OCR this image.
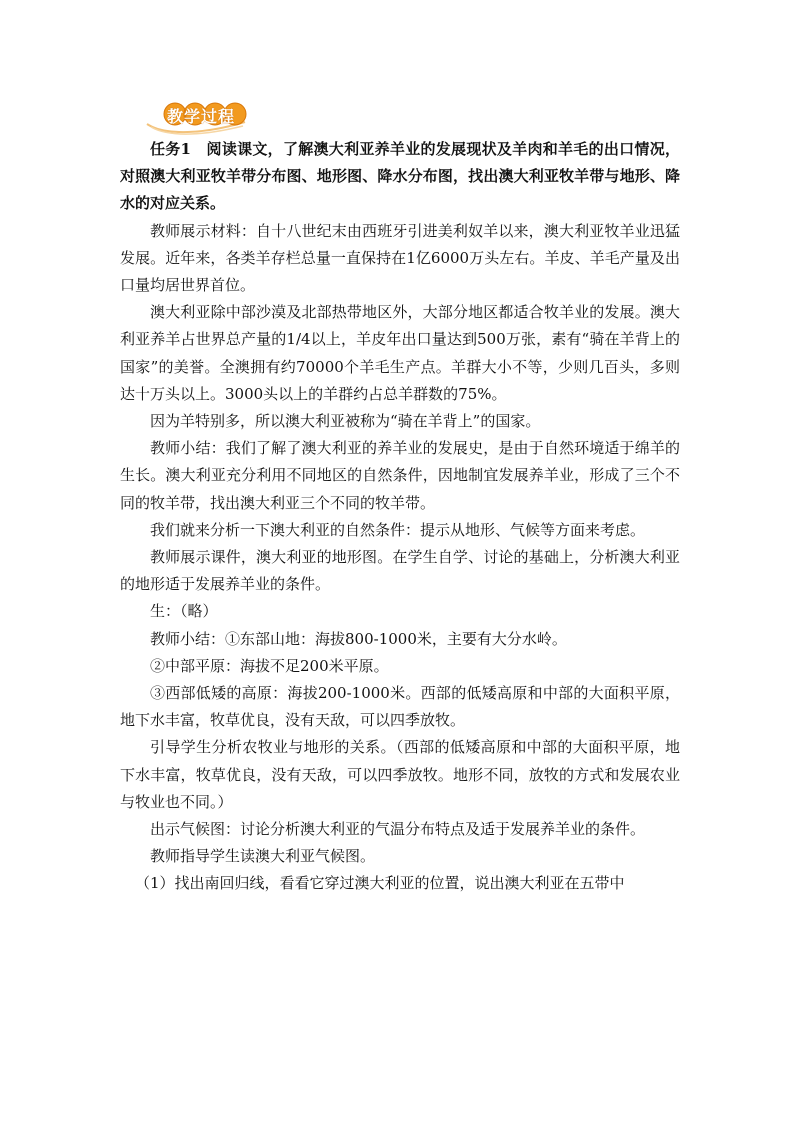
教学过程

任务1　阅读课文，了解澳大利亚养羊业的发展现状及羊肉和羊毛的出口情况，对照澳大利亚牧羊带分布图、地形图、降水分布图，找出澳大利亚牧羊带与地形、降水的对应关系。

教师展示材料：自十八世纪末由西班牙引进美利奴羊以来，澳大利亚牧羊业迅猛发展。近年来，各类羊存栏总量一直保持在1亿6000万头左右。羊皮、羊毛产量及出口量均居世界首位。

澳大利亚除中部沙漠及北部热带地区外，大部分地区都适合牧羊业的发展。澳大利亚养羊占世界总产量的1/4以上，羊皮年出口量达到500万张，素有“骑在羊背上的国家”的美誉。全澳拥有约70000个羊毛生产点。羊群大小不等，少则几百头，多则达十万头以上。3000头以上的羊群约占总羊群数的75%。

因为羊特别多，所以澳大利亚被称为“骑在羊背上”的国家。

教师小结：我们了解了澳大利亚的养羊业的发展史，是由于自然环境适于绵羊的生长。澳大利亚充分利用不同地区的自然条件，因地制宜发展养羊业，形成了三个不同的牧羊带，找出澳大利亚三个不同的牧羊带。

我们就来分析一下澳大利亚的自然条件：提示从地形、气候等方面来考虑。

教师展示课件，澳大利亚的地形图。在学生自学、讨论的基础上，分析澳大利亚的地形适于发展养羊业的条件。

生：（略）

教师小结：①东部山地：海拔800-1000米，主要有大分水岭。

②中部平原：海拔不足200米平原。

③西部低矮的高原：海拔200-1000米。西部的低矮高原和中部的大面积平原，地下水丰富，牧草优良，没有天敌，可以四季放牧。

引导学生分析农牧业与地形的关系。（西部的低矮高原和中部的大面积平原，地下水丰富，牧草优良，没有天敌，可以四季放牧。地形不同，放牧的方式和发展农业与牧业也不同。）

出示气候图：讨论分析澳大利亚的气温分布特点及适于发展养羊业的条件。

教师指导学生读澳大利亚气候图。

（1）找出南回归线，看看它穿过澳大利亚的位置，说出澳大利亚在五带中
